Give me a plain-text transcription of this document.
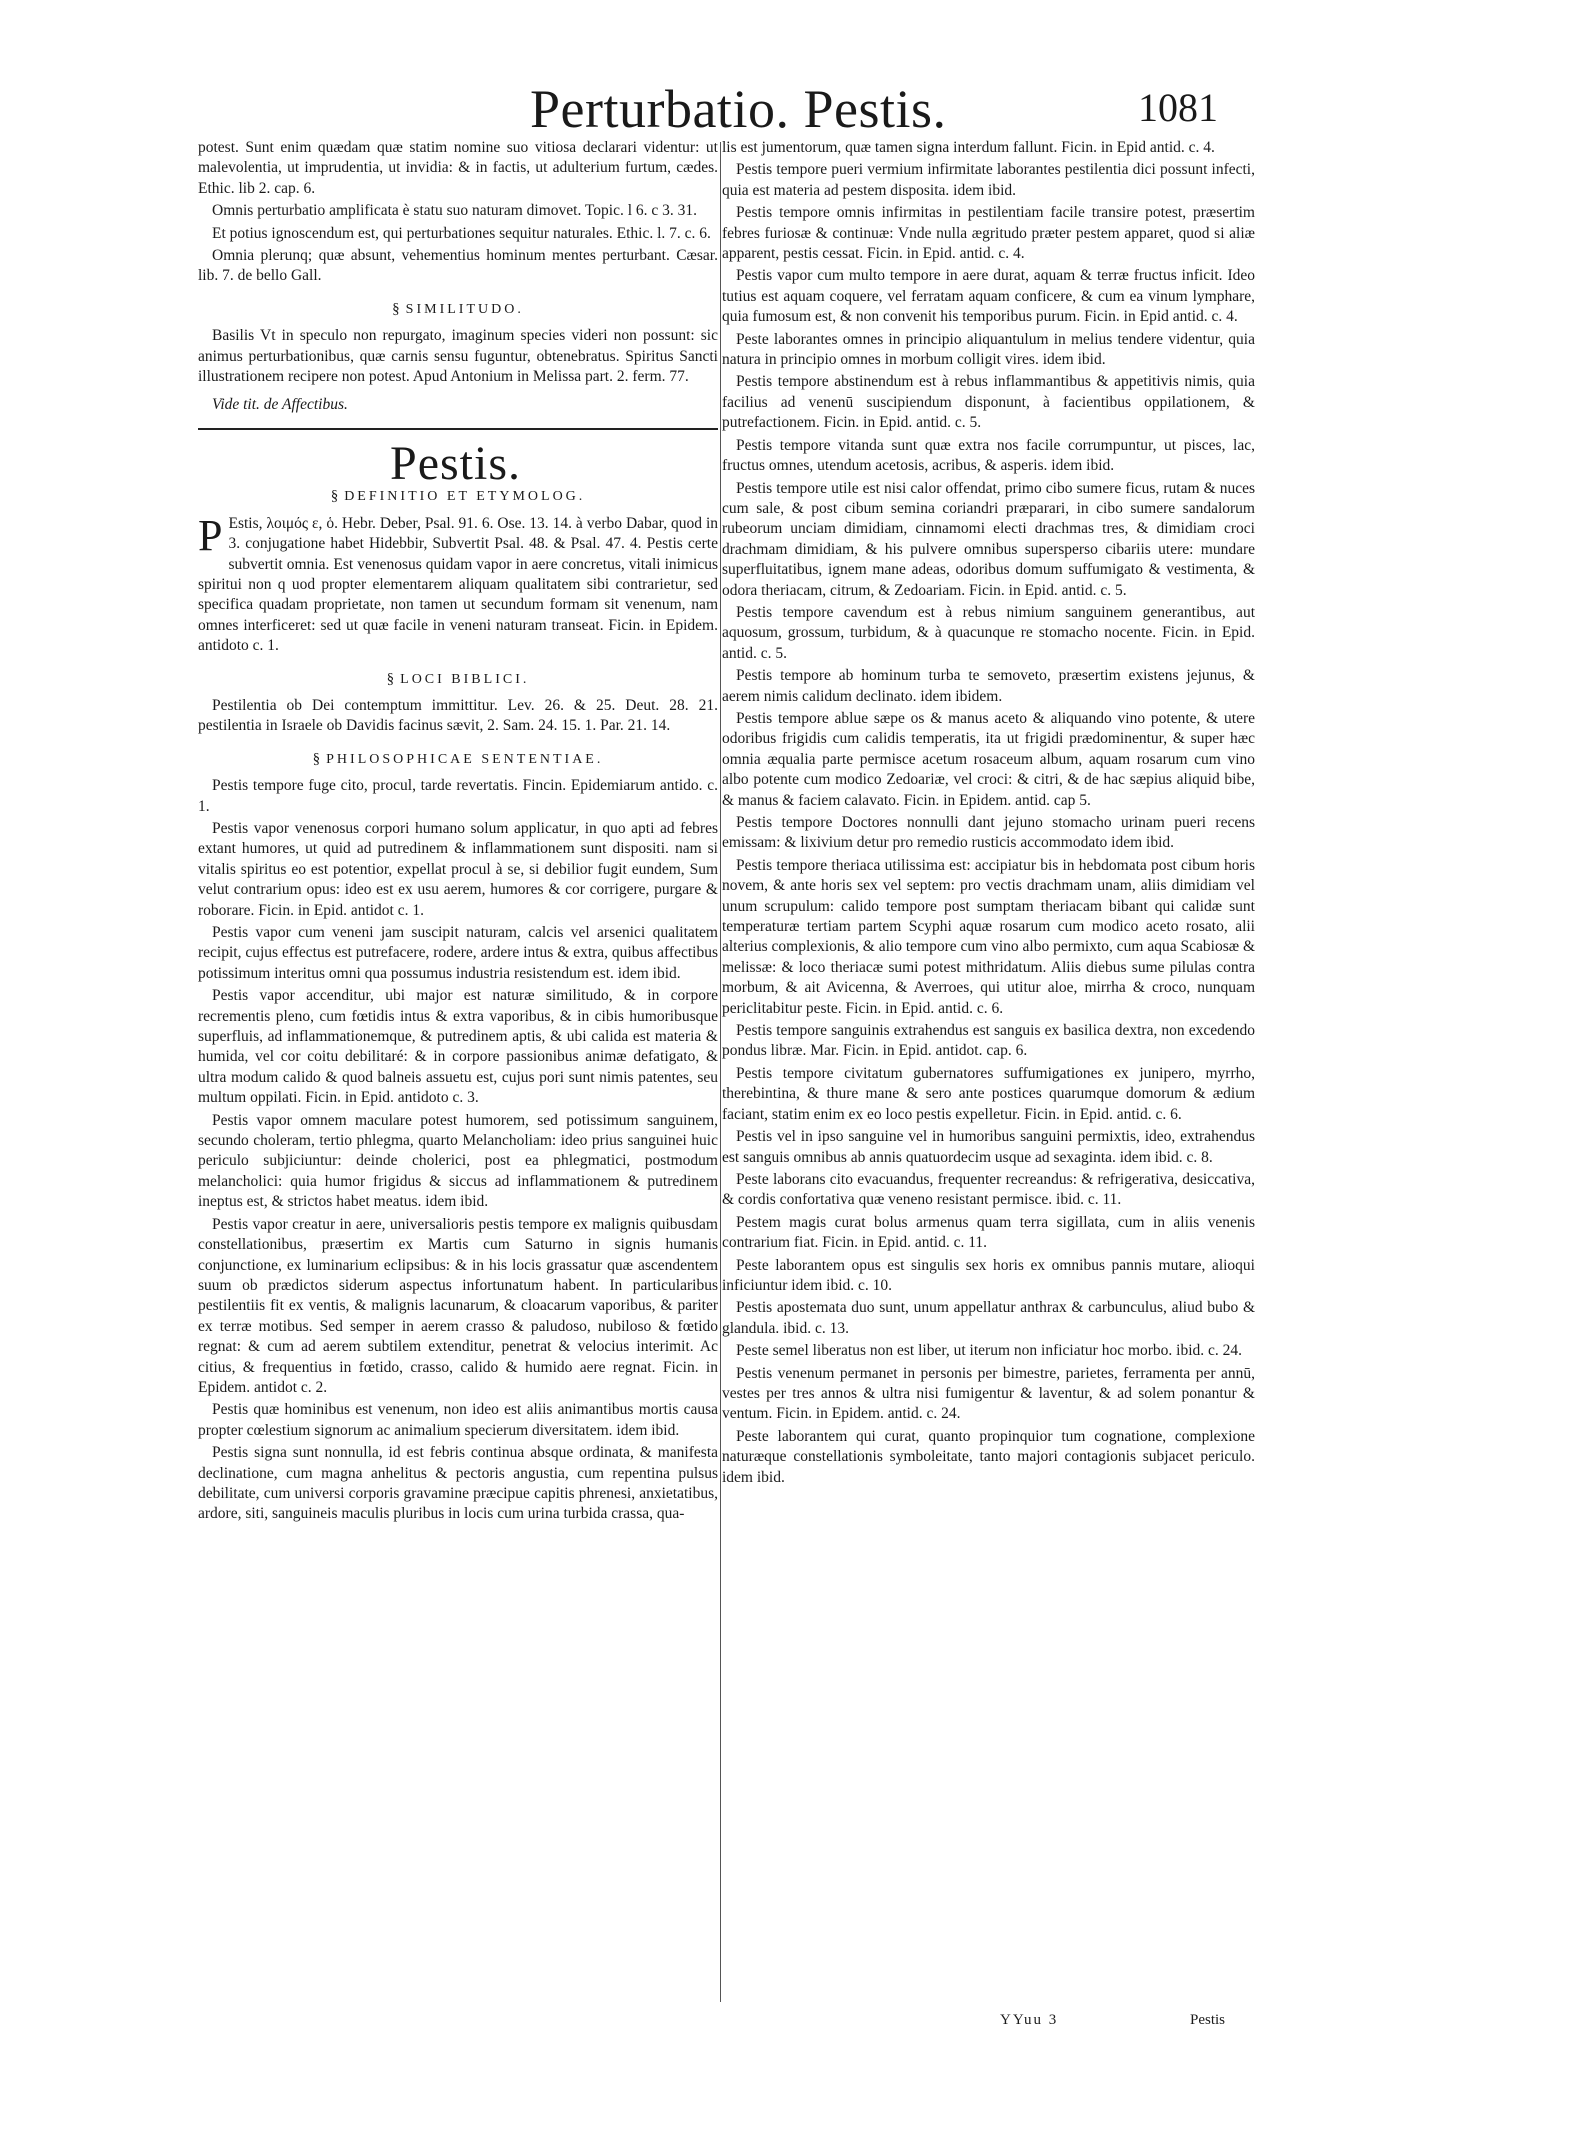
Perturbatio. Pestis.	1081

potest. Sunt enim quædam quæ statim nomine suo vitiosa declarari videntur: ut malevolentia, ut imprudentia, ut invidia: & in factis, ut adulterium furtum, cædes. Ethic. lib 2. cap. 6.

Omnis perturbatio amplificata è statu suo naturam dimovet. Topic. l 6. c 3. 31.

Et potius ignoscendum est, qui perturbationes sequitur naturales. Ethic. l. 7. c. 6.

Omnia plerunq; quæ absunt, vehementius hominum mentes perturbant. Cæsar. lib. 7. de bello Gall.

§ SIMILITUDO.

Basilis Vt in speculo non repurgato, imaginum species videri non possunt: sic animus perturbationibus, quæ carnis sensu fuguntur, obtenebratus. Spiritus Sancti illustrationem recipere non potest. Apud Antonium in Melissa part. 2. ferm. 77.

Vide tit. de Affectibus.
Pestis.
§ DEFINITIO ET ETYMOLOG.

P Estis, λοιμός ε, ὁ. Hebr. Deber, Psal. 91. 6. Ose. 13. 14. à verbo Dabar, quod in 3. conjugatione habet Hidebbir, Subvertit Psal. 48. & Psal. 47. 4. Pestis certe subvertit omnia. Est venenosus quidam vapor in aere concretus, vitali inimicus spiritui non q uod propter elementarem aliquam qualitatem sibi contrarietur, sed specifica quadam proprietate, non tamen ut secundum formam sit venenum, nam omnes interficeret: sed ut quæ facile in veneni naturam transeat. Ficin. in Epidem. antidoto c. 1.

§ LOCI BIBLICI.

Pestilentia ob Dei contemptum immittitur. Lev. 26. & 25. Deut. 28. 21. pestilentia in Israele ob Davidis facinus sævit, 2. Sam. 24. 15. 1. Par. 21. 14.

§ PHILOSOPHICAE SENTENTIAE.

Pestis tempore fuge cito, procul, tarde revertatis. Fincin. Epidemiarum antido. c. 1.

Pestis vapor venenosus corpori humano solum applicatur, in quo apti ad febres extant humores, ut quid ad putredinem & inflammationem sunt dispositi. nam si vitalis spiritus eo est potentior, expellat procul à se, si debilior fugit eundem, Sum velut contrarium opus: ideo est ex usu aerem, humores & cor corrigere, purgare & roborare. Ficin. in Epid. antidot c. 1.

Pestis vapor cum veneni jam suscipit naturam, calcis vel arsenici qualitatem recipit, cujus effectus est putrefacere, rodere, ardere intus & extra, quibus affectibus potissimum interitus omni qua possumus industria resistendum est. idem ibid.

Pestis vapor accenditur, ubi major est naturæ similitudo, & in corpore recrementis pleno, cum fœtidis intus & extra vaporibus, & in cibis humoribusque superfluis, ad inflammationemque, & putredinem aptis, & ubi calida est materia & humida, vel cor coitu debilitaré: & in corpore passionibus animæ defatigato, & ultra modum calido & quod balneis assuetu est, cujus pori sunt nimis patentes, seu multum oppilati. Ficin. in Epid. antidoto c. 3.

Pestis vapor omnem maculare potest humorem, sed potissimum sanguinem, secundo choleram, tertio phlegma, quarto Melancholiam: ideo prius sanguinei huic periculo subjiciuntur: deinde cholerici, post ea phlegmatici, postmodum melancholici: quia humor frigidus & siccus ad inflammationem & putredinem ineptus est, & strictos habet meatus. idem ibid.

Pestis vapor creatur in aere, universalioris pestis tempore ex malignis quibusdam constellationibus, præsertim ex Martis cum Saturno in signis humanis conjunctione, ex luminarium eclipsibus: & in his locis grassatur quæ ascendentem suum ob prædictos siderum aspectus infortunatum habent. In particularibus pestilentiis fit ex ventis, & malignis lacunarum, & cloacarum vaporibus, & pariter ex terræ motibus. Sed semper in aerem crasso & paludoso, nubiloso & fœtido regnat: & cum ad aerem subtilem extenditur, penetrat & velocius interimit. Ac citius, & frequentius in fœtido, crasso, calido & humido aere regnat. Ficin. in Epidem. antidot c. 2.

Pestis quæ hominibus est venenum, non ideo est aliis animantibus mortis causa propter cœlestium signorum ac animalium specierum diversitatem. idem ibid.

Pestis signa sunt nonnulla, id est febris continua absque ordinata, & manifesta declinatione, cum magna anhelitus & pectoris angustia, cum repentina pulsus debilitate, cum universi corporis gravamine præcipue capitis phrenesi, anxietatibus, ardore, siti, sanguineis maculis pluribus in locis cum urina turbida crassa, qua-

lis est jumentorum, quæ tamen signa interdum fallunt. Ficin. in Epid antid. c. 4.

Pestis tempore pueri vermium infirmitate laborantes pestilentia dici possunt infecti, quia est materia ad pestem disposita. idem ibid.

Pestis tempore omnis infirmitas in pestilentiam facile transire potest, præsertim febres furiosæ & continuæ: Vnde nulla ægritudo præter pestem apparet, quod si aliæ apparent, pestis cessat. Ficin. in Epid. antid. c. 4.

Pestis vapor cum multo tempore in aere durat, aquam & terræ fructus inficit. Ideo tutius est aquam coquere, vel ferratam aquam conficere, & cum ea vinum lymphare, quia fumosum est, & non convenit his temporibus purum. Ficin. in Epid antid. c. 4.

Peste laborantes omnes in principio aliquantulum in melius tendere videntur, quia natura in principio omnes in morbum colligit vires. idem ibid.

Pestis tempore abstinendum est à rebus inflammantibus & appetitivis nimis, quia facilius ad venenū suscipiendum disponunt, à facientibus oppilationem, & putrefactionem. Ficin. in Epid. antid. c. 5.

Pestis tempore vitanda sunt quæ extra nos facile corrumpuntur, ut pisces, lac, fructus omnes, utendum acetosis, acribus, & asperis. idem ibid.

Pestis tempore utile est nisi calor offendat, primo cibo sumere ficus, rutam & nuces cum sale, & post cibum semina coriandri præparari, in cibo sumere sandalorum rubeorum unciam dimidiam, cinnamomi electi drachmas tres, & dimidiam croci drachmam dimidiam, & his pulvere omnibus superspersо cibariis utere: mundare superfluitatibus, ignem mane adeas, odoribus domum suffumigato & vestimenta, & odora theriacam, citrum, & Zedoariam. Ficin. in Epid. antid. c. 5.

Pestis tempore cavendum est à rebus nimium sanguinem generantibus, aut aquosum, grossum, turbidum, & à quacunque re stomacho nocente. Ficin. in Epid. antid. c. 5.

Pestis tempore ab hominum turba te semoveto, præsertim existens jejunus, & aerem nimis calidum declinato. idem ibidem.

Pestis tempore ablue sæpe os & manus aceto & aliquando vino potente, & utere odoribus frigidis cum calidis temperatis, ita ut frigidi prædominentur, & super hæc omnia æqualia parte permisce acetum rosaceum album, aquam rosarum cum vino albo potente cum modico Zedoariæ, vel croci: & citri, & de hac sæpius aliquid bibe, & manus & faciem calavato. Ficin. in Epidem. antid. cap 5.

Pestis tempore Doctores nonnulli dant jejuno stomacho urinam pueri recens emissam: & lixivium detur pro remedio rusticis accommodato idem ibid.

Pestis tempore theriaca utilissima est: accipiatur bis in hebdomata post cibum horis novem, & ante horis sex vel septem: pro vectis drachmam unam, aliis dimidiam vel unum scrupulum: calido tempore post sumptam theriacam bibant qui calidæ sunt temperaturæ tertiam partem Scyphi aquæ rosarum cum modico aceto rosato, alii alterius complexionis, & alio tempore cum vino albo permixto, cum aqua Scabiosæ & melissæ: & loco theriacæ sumi potest mithridatum. Aliis diebus sume pilulas contra morbum, & ait Avicenna, & Averroes, qui utitur aloe, mirrha & croco, nunquam periclitabitur peste. Ficin. in Epid. antid. c. 6.

Pestis tempore sanguinis extrahendus est sanguis ex basilica dextra, non excedendo pondus libræ. Mar. Ficin. in Epid. antidot. cap. 6.

Pestis tempore civitatum gubernatores suffumigationes ex junipero, myrrho, therebintina, & thure mane & sero ante postices quarumque domorum & ædium faciant, statim enim ex eo loco pestis expelletur. Ficin. in Epid. antid. c. 6.

Pestis vel in ipso sanguine vel in humoribus sanguini permixtis, ideo, extrahendus est sanguis omnibus ab annis quatuordecim usque ad sexaginta. idem ibid. c. 8.

Peste laborans cito evacuandus, frequenter recreandus: & refrigerativa, desiccativa, & cordis confortativa quæ veneno resistant permisce. ibid. c. 11.

Pestem magis curat bolus armenus quam terra sigillata, cum in aliis venenis contrarium fiat. Ficin. in Epid. antid. c. 11.

Peste laborantem opus est singulis sex horis ex omnibus pannis mutare, alioqui inficiuntur idem ibid. c. 10.

Pestis apostemata duo sunt, unum appellatur anthrax & carbunculus, aliud bubo & glandula. ibid. c. 13.

Peste semel liberatus non est liber, ut iterum non inficiatur hoc morbo. ibid. c. 24.

Pestis venenum permanet in personis per bimestre, parietes, ferramenta per annū, vestes per tres annos & ultra nisi fumigentur & laventur, & ad solem ponantur & ventum. Ficin. in Epidem. antid. c. 24.

Peste laborantem qui curat, quanto propinquior tum cognatione, complexione naturæque constellationis symboleitate, tanto majori contagionis subjacet periculo. idem ibid.

YYuu 3	Pestis
